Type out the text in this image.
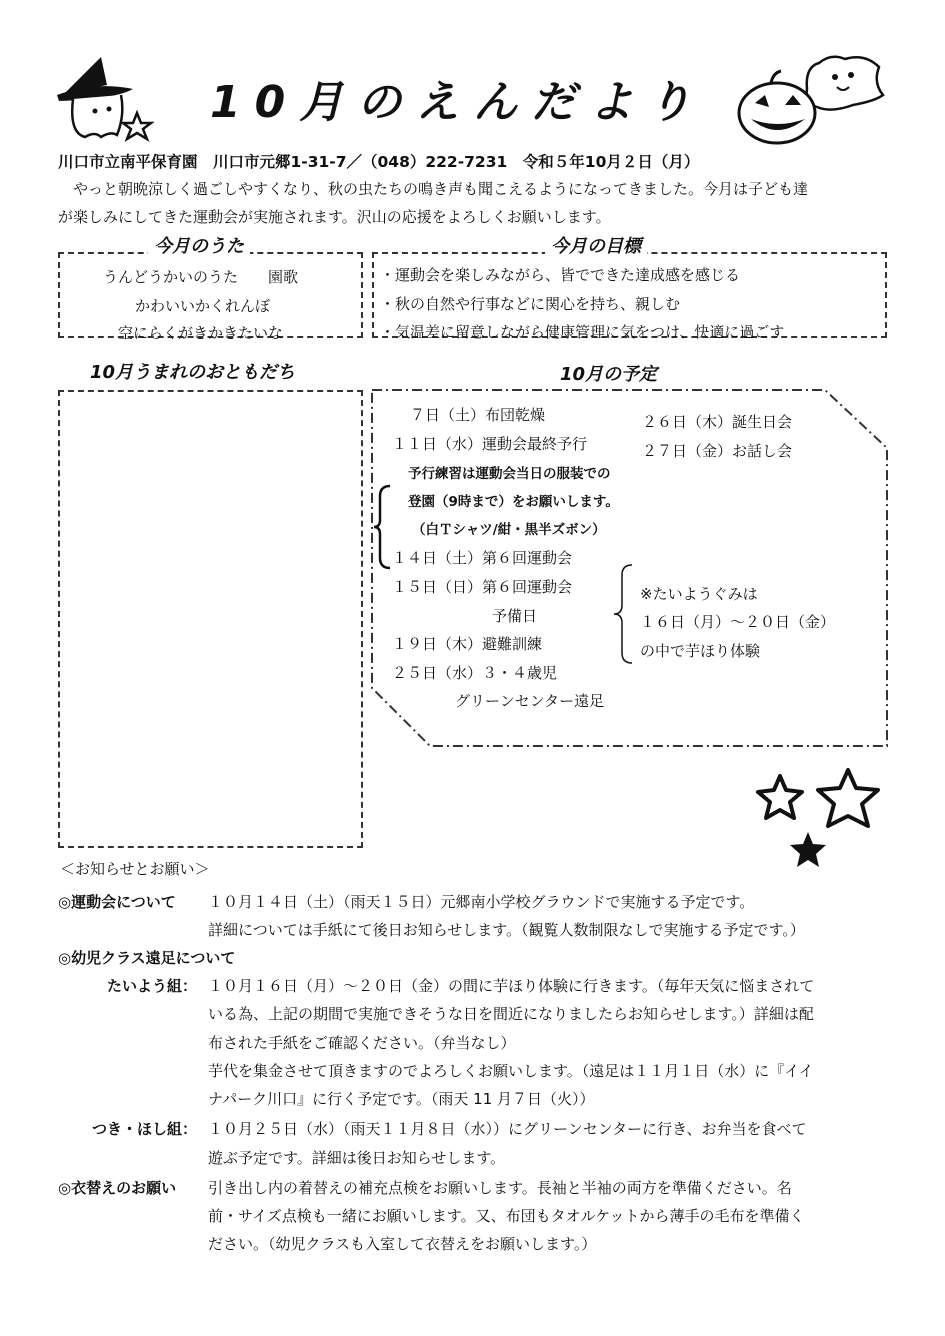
10月のえんだより
川口市立南平保育園　川口市元郷1-31-7／（048）222-7231　令和５年10月２日（月）
　やっと朝晩涼しく過ごしやすくなり、秋の虫たちの鳴き声も聞こえるようになってきました。今月は子ども達
が楽しみにしてきた運動会が実施されます。沢山の応援をよろしくお願いします。
今月のうた
うんどうかいのうた　　園歌
かわいいかくれんぼ
空にらくがきかきたいな
今月の目標
・運動会を楽しみながら、皆でできた達成感を感じる
・秋の自然や行事などに関心を持ち、親しむ
・気温差に留意しながら健康管理に気をつけ、快適に過ごす
10月うまれのおともだち	10月の予定
７日（土）布団乾燥
１１日（水）運動会最終予行
予行練習は運動会当日の服装での
登園（9時まで）をお願いします。
（白Ｔシャツ/紺・黒半ズボン）
１４日（土）第６回運動会
１５日（日）第６回運動会
予備日
１９日（木）避難訓練
２５日（水）３・４歳児
グリーンセンター遠足
２６日（木）誕生日会
２７日（金）お話し会
※たいようぐみは
１６日（月）～２０日（金）
の中で芋ほり体験
＜お知らせとお願い＞
◎運動会について １０月１４日（土）（雨天１５日）元郷南小学校グラウンドで実施する予定です。
詳細については手紙にて後日お知らせします。（観覧人数制限なしで実施する予定です。）
◎幼児クラス遠足について
たいよう組： １０月１６日（月）～２０日（金）の間に芋ほり体験に行きます。（毎年天気に悩まされて
いる為、上記の期間で実施できそうな日を間近になりましたらお知らせします。）詳細は配
布された手紙をご確認ください。（弁当なし）
芋代を集金させて頂きますのでよろしくお願いします。（遠足は１１月１日（水）に『イイ
ナパーク川口』に行く予定です。（雨天 11 月７日（火））
つき・ほし組： １０月２５日（水）（雨天１１月８日（水））にグリーンセンターに行き、お弁当を食べて
遊ぶ予定です。詳細は後日お知らせします。
◎衣替えのお願い 引き出し内の着替えの補充点検をお願いします。長袖と半袖の両方を準備ください。名
前・サイズ点検も一緒にお願いします。又、布団もタオルケットから薄手の毛布を準備く
ださい。（幼児クラスも入室して衣替えをお願いします。）
